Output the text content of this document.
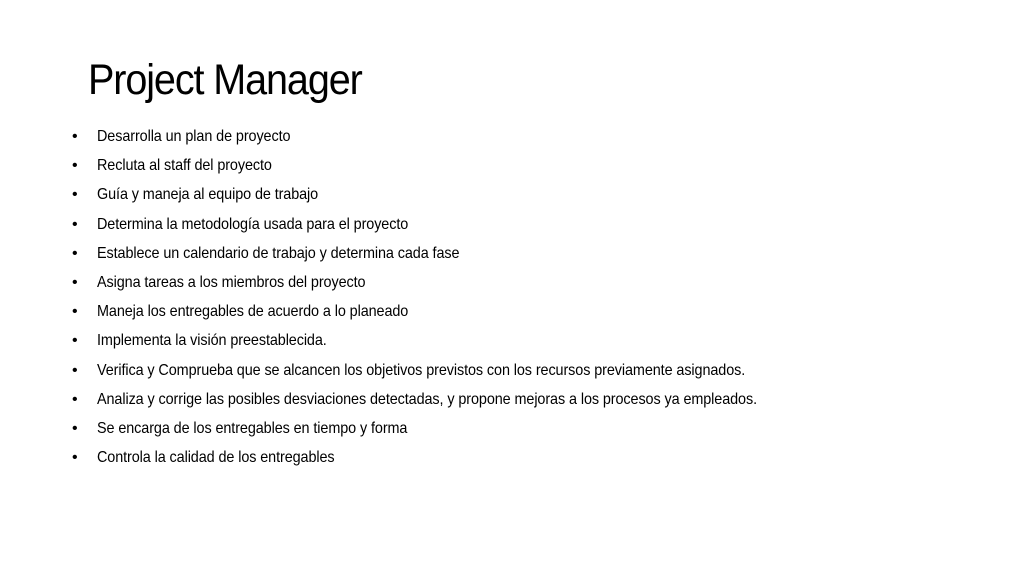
Project Manager
•	Desarrolla un plan de proyecto
•	Recluta al staff del proyecto
•	Guía y maneja al equipo de trabajo
•	Determina la metodología usada para el proyecto
•	Establece un calendario de trabajo y determina cada fase
•	Asigna tareas a los miembros del proyecto
•	Maneja los entregables de acuerdo a lo planeado
•	Implementa la visión preestablecida.
•	Verifica y Comprueba que se alcancen los objetivos previstos con los recursos previamente asignados.
•	Analiza y corrige las posibles desviaciones detectadas, y propone mejoras a los procesos ya empleados.
•	Se encarga de los entregables en tiempo y forma
•	Controla la calidad de los entregables
